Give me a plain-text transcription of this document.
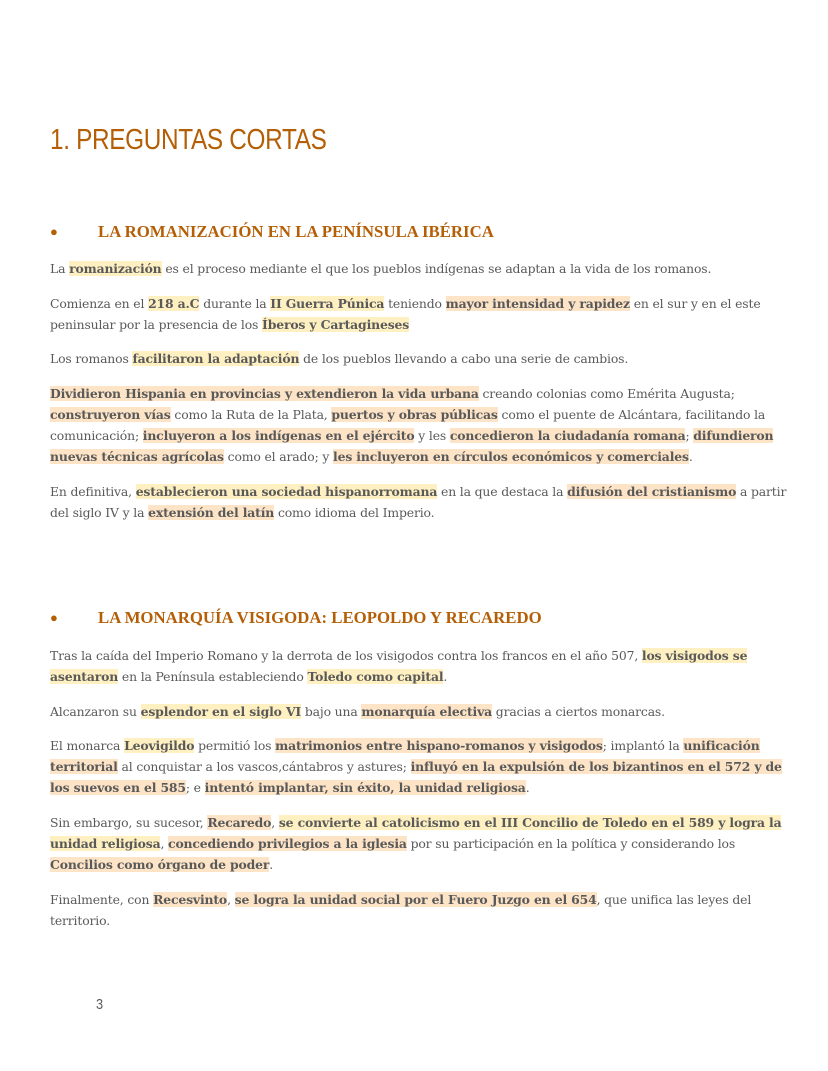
1. PREGUNTAS CORTAS
● LA ROMANIZACIÓN EN LA PENÍNSULA IBÉRICA
La romanización es el proceso mediante el que los pueblos indígenas se adaptan a la vida de los romanos.
Comienza en el 218 a.C durante la II Guerra Púnica teniendo mayor intensidad y rapidez en el sur y en el este peninsular por la presencia de los Íberos y Cartagineses
Los romanos facilitaron la adaptación de los pueblos llevando a cabo una serie de cambios.
Dividieron Hispania en provincias y extendieron la vida urbana creando colonias como Emérita Augusta; construyeron vías como la Ruta de la Plata, puertos y obras públicas como el puente de Alcántara, facilitando la comunicación; incluyeron a los indígenas en el ejército y les concedieron la ciudadanía romana; difundieron nuevas técnicas agrícolas como el arado; y les incluyeron en círculos económicos y comerciales.
En definitiva, establecieron una sociedad hispanorromana en la que destaca la difusión del cristianismo a partir del siglo IV y la extensión del latín como idioma del Imperio.
● LA MONARQUÍA VISIGODA: LEOPOLDO Y RECAREDO
Tras la caída del Imperio Romano y la derrota de los visigodos contra los francos en el año 507, los visigodos se asentaron en la Península estableciendo Toledo como capital.
Alcanzaron su esplendor en el siglo VI bajo una monarquía electiva gracias a ciertos monarcas.
El monarca Leovigildo permitió los matrimonios entre hispano-romanos y visigodos; implantó la unificación territorial al conquistar a los vascos,cántabros y astures; influyó en la expulsión de los bizantinos en el 572 y de los suevos en el 585; e intentó implantar, sin éxito, la unidad religiosa.
Sin embargo, su sucesor, Recaredo, se convierte al catolicismo en el III Concilio de Toledo en el 589 y logra la unidad religiosa, concediendo privilegios a la iglesia por su participación en la política y considerando los Concilios como órgano de poder.
Finalmente, con Recesvinto, se logra la unidad social por el Fuero Juzgo en el 654, que unifica las leyes del territorio.
3
